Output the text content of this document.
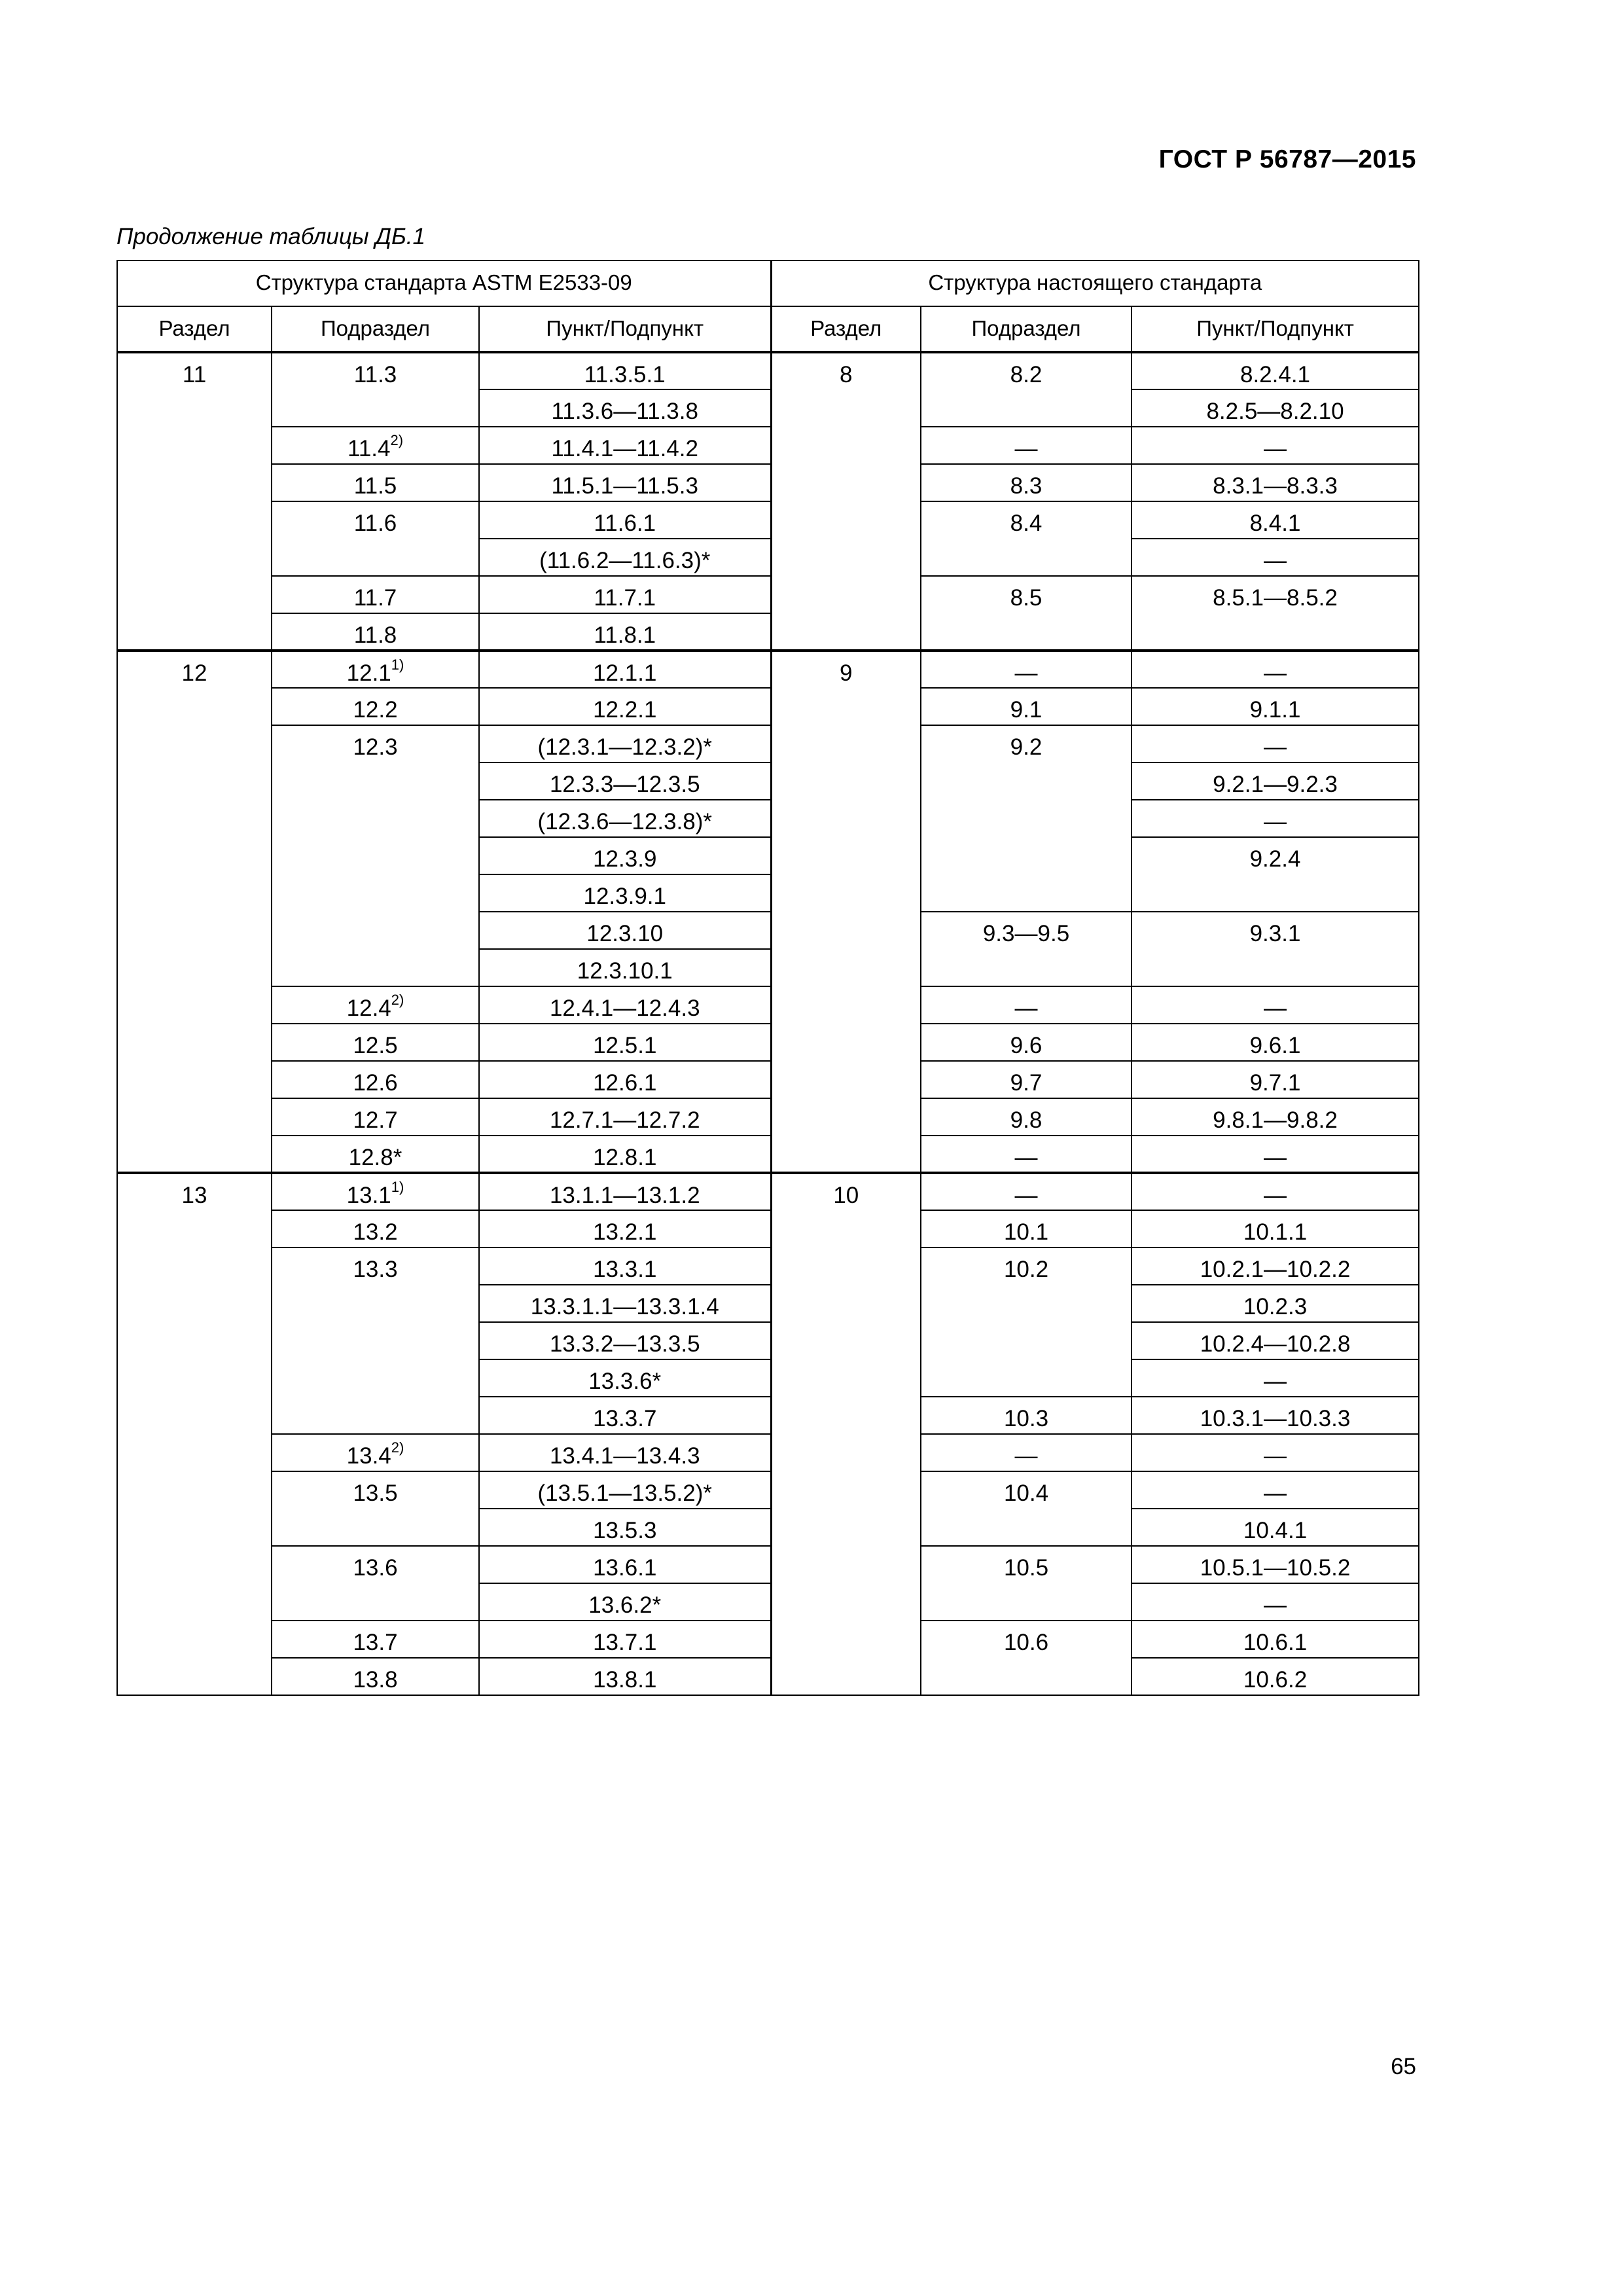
ГОСТ Р 56787—2015
Продолжение таблицы ДБ.1
Структура стандарта ASTM E2533-09			Структура настоящего стандарта		
Раздел	Подраздел	Пункт/Подпункт	Раздел	Подраздел	Пункт/Подпункт
11	11.3	11.3.5.1	8	8.2	8.2.4.1
		11.3.6—11.3.8			8.2.5—8.2.10
	11.4$^{2)}$	11.4.1—11.4.2		—	—
	11.5	11.5.1—11.5.3		8.3	8.3.1—8.3.3
	11.6	11.6.1		8.4	8.4.1
		(11.6.2—11.6.3)*			—
	11.7	11.7.1		8.5	8.5.1—8.5.2
	11.8	11.8.1			
12	12.1$^{1)}$	12.1.1	9	—	—
	12.2	12.2.1		9.1	9.1.1
	12.3	(12.3.1—12.3.2)*		9.2	—
		12.3.3—12.3.5			9.2.1—9.2.3
		(12.3.6—12.3.8)*			—
		12.3.9			9.2.4
		12.3.9.1			
		12.3.10		9.3—9.5	9.3.1
		12.3.10.1			
	12.4$^{2)}$	12.4.1—12.4.3		—	—
	12.5	12.5.1		9.6	9.6.1
	12.6	12.6.1		9.7	9.7.1
	12.7	12.7.1—12.7.2		9.8	9.8.1—9.8.2
	12.8*	12.8.1		—	—
13	13.1$^{1)}$	13.1.1—13.1.2	10	—	—
	13.2	13.2.1		10.1	10.1.1
	13.3	13.3.1		10.2	10.2.1—10.2.2
		13.3.1.1—13.3.1.4			10.2.3
		13.3.2—13.3.5			10.2.4—10.2.8
		13.3.6*			—
		13.3.7		10.3	10.3.1—10.3.3
	13.4$^{2)}$	13.4.1—13.4.3		—	—
	13.5	(13.5.1—13.5.2)*		10.4	—
		13.5.3			10.4.1
	13.6	13.6.1		10.5	10.5.1—10.5.2
		13.6.2*			—
	13.7	13.7.1		10.6	10.6.1
	13.8	13.8.1			10.6.2
65
